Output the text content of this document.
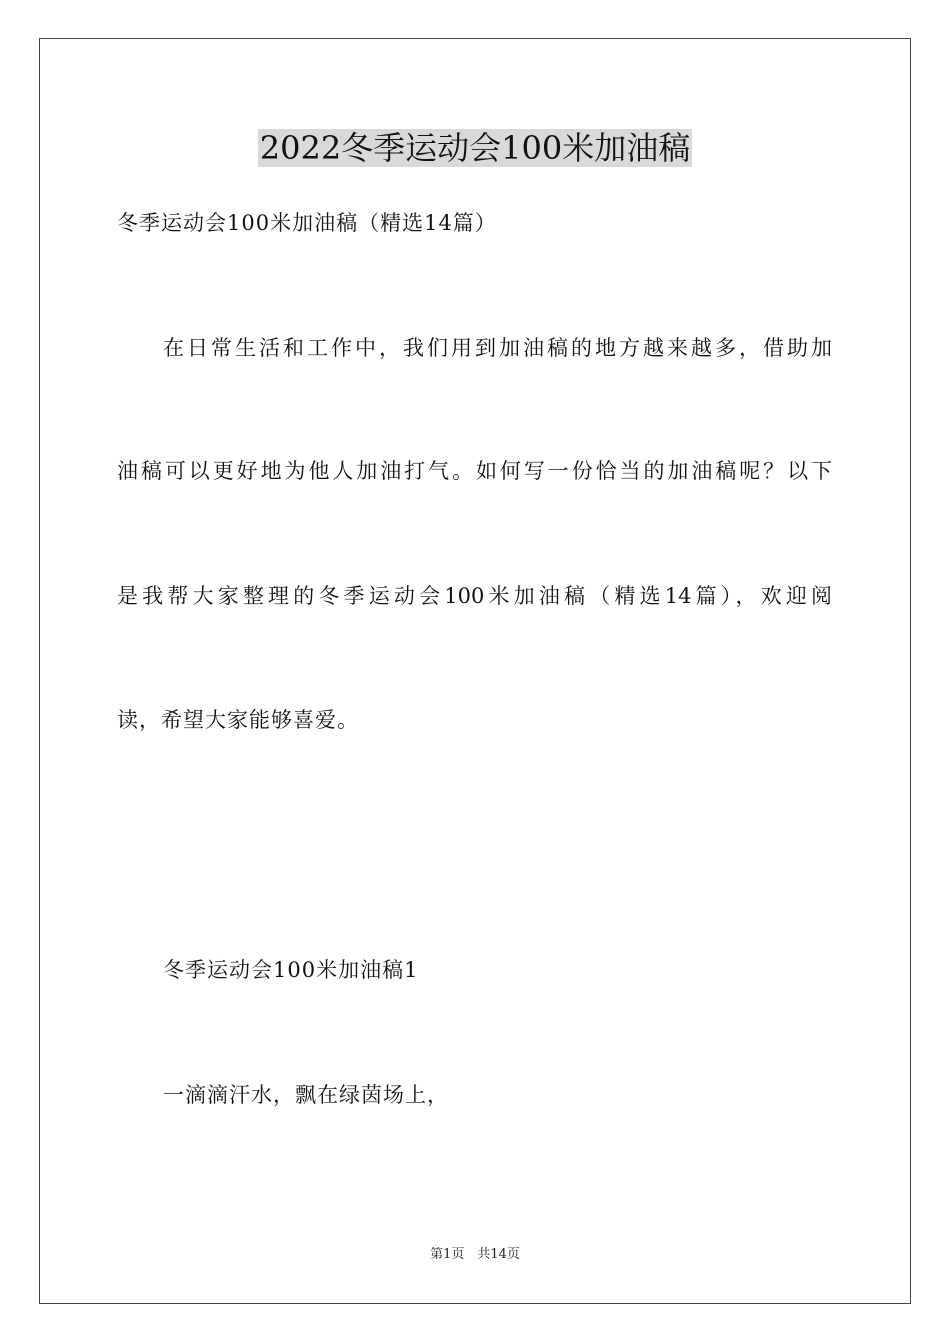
2022冬季运动会100米加油稿
冬季运动会100米加油稿（精选14篇）
在日常生活和工作中，我们用到加油稿的地方越来越多，借助加
油稿可以更好地为他人加油打气。如何写一份恰当的加油稿呢？以下
是我帮大家整理的冬季运动会100米加油稿（精选14篇），欢迎阅
读，希望大家能够喜爱。
冬季运动会100米加油稿1
一滴滴汗水，飘在绿茵场上，
第1页　共14页
